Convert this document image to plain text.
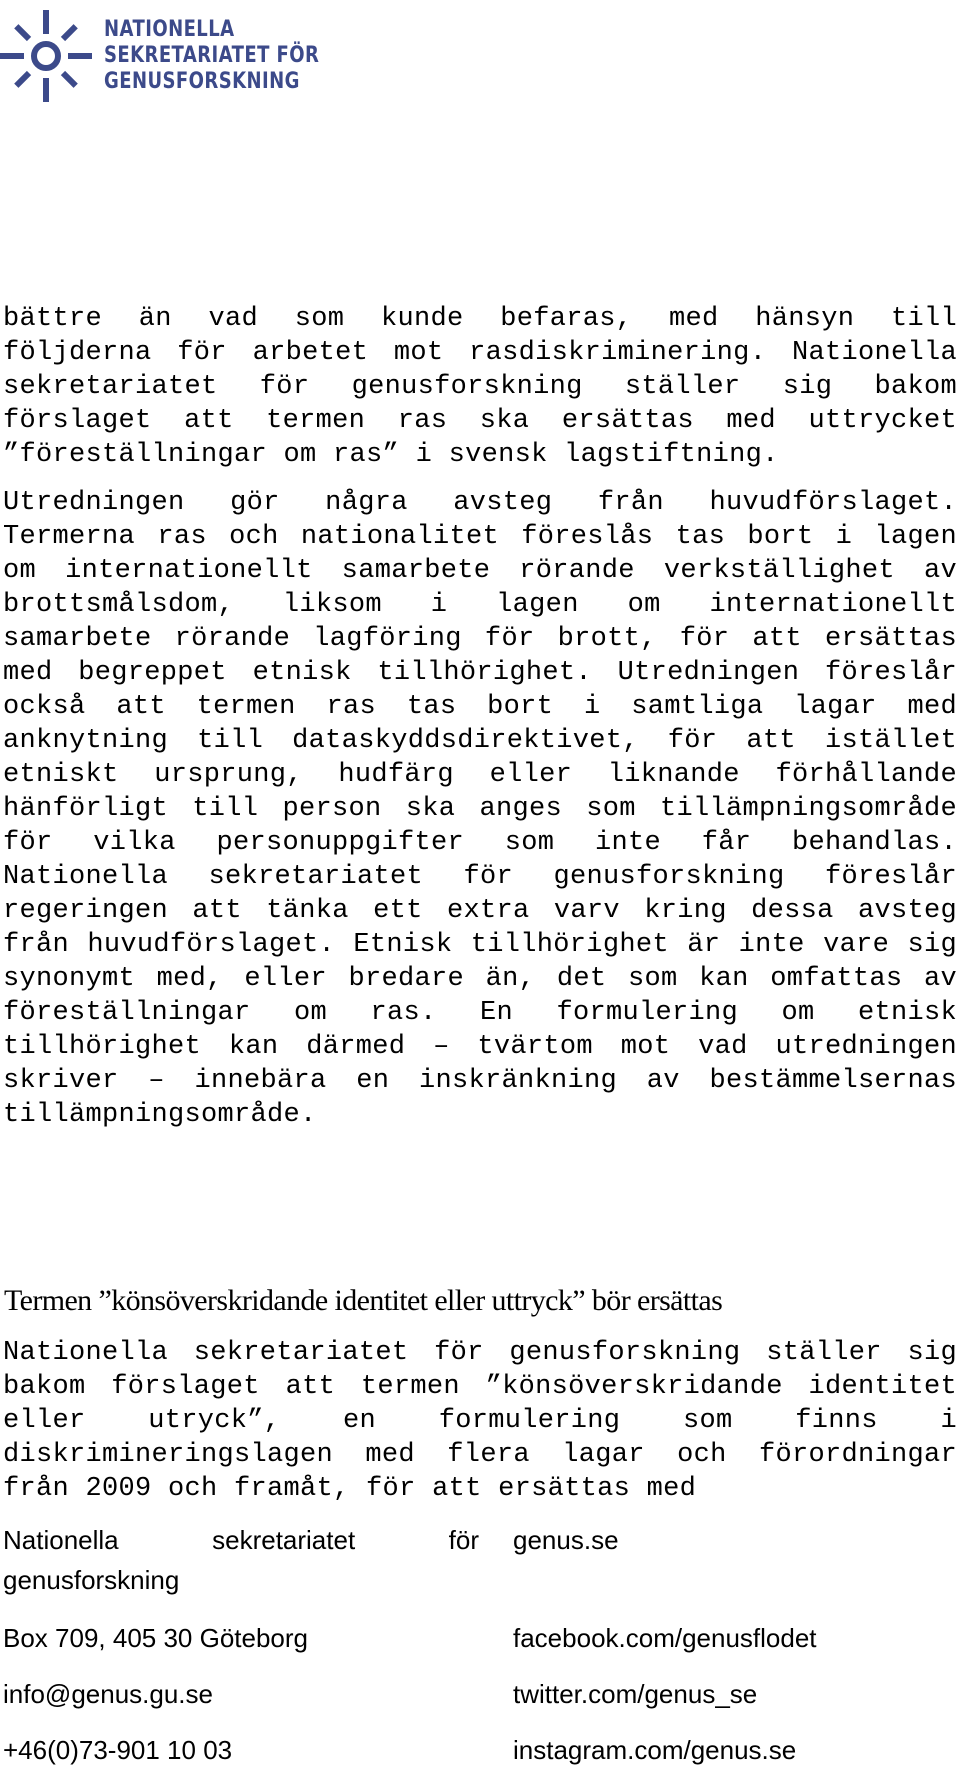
NATIONELLA
SEKRETARIATET FÖR
GENUSFORSKNING

bättre än vad som kunde befaras, med hänsyn till följderna för arbetet mot rasdiskriminering. Nationella sekretariatet för genusforskning ställer sig bakom förslaget att termen ras ska ersättas med uttrycket ”föreställningar om ras” i svensk lagstiftning.

Utredningen gör några avsteg från huvudförslaget. Termerna ras och nationalitet föreslås tas bort i lagen om internationellt samarbete rörande verkställighet av brottsmålsdom, liksom i lagen om internationellt samarbete rörande lagföring för brott, för att ersättas med begreppet etnisk tillhörighet. Utredningen föreslår också att termen ras tas bort i samtliga lagar med anknytning till dataskyddsdirektivet, för att istället etniskt ursprung, hudfärg eller liknande förhållande hänförligt till person ska anges som tillämpningsområde för vilka personuppgifter som inte får behandlas. Nationella sekretariatet för genusforskning föreslår regeringen att tänka ett extra varv kring dessa avsteg från huvudförslaget. Etnisk tillhörighet är inte vare sig synonymt med, eller bredare än, det som kan omfattas av föreställningar om ras. En formulering om etnisk tillhörighet kan därmed – tvärtom mot vad utredningen skriver – innebära en inskränkning av bestämmelsernas tillämpningsområde.

Termen ”könsöverskridande identitet eller uttryck” bör ersättas

Nationella sekretariatet för genusforskning ställer sig bakom förslaget att termen ”könsöverskridande identitet eller utryck”, en formulering som finns i diskrimineringslagen med flera lagar och förordningar från 2009 och framåt, för att ersättas med

Nationella sekretariatet för
genusforskning
Box 709, 405 30 Göteborg
info@genus.gu.se
+46(0)73-901 10 03
genus.se
facebook.com/genusflodet
twitter.com/genus_se
instagram.com/genus.se
